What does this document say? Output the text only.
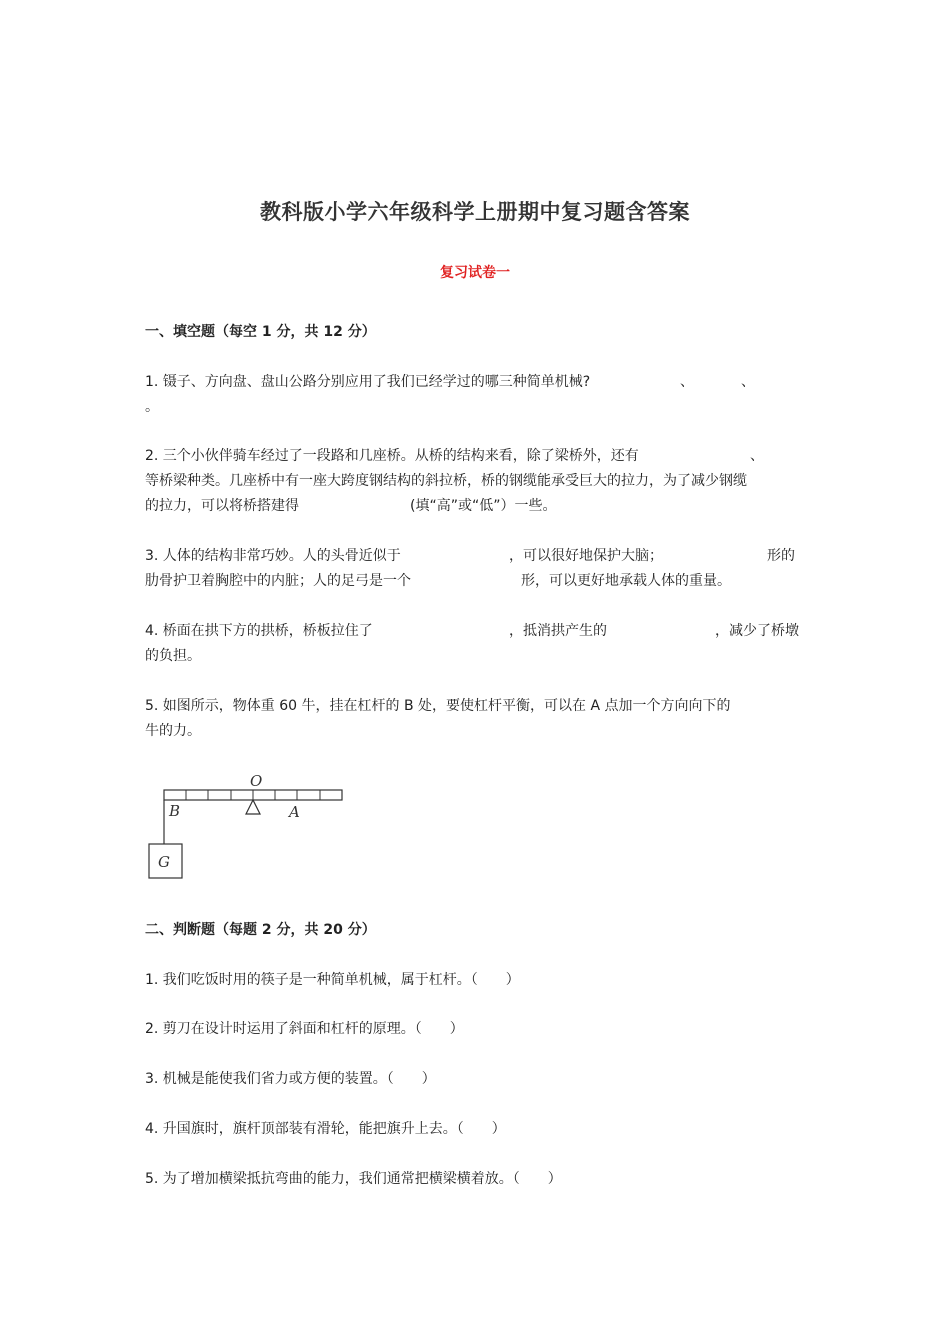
教科版小学六年级科学上册期中复习题含答案
复习试卷一
一、填空题（每空 1 分，共 12 分）
1. 镊子、方向盘、盘山公路分别应用了我们已经学过的哪三种简单机械?	、	、
。
2. 三个小伙伴骑车经过了一段路和几座桥。从桥的结构来看，除了梁桥外，还有	、
等桥梁种类。几座桥中有一座大跨度钢结构的斜拉桥，桥的钢缆能承受巨大的拉力，为了减少钢缆
的拉力，可以将桥搭建得	(填“高”或“低”）一些。
3. 人体的结构非常巧妙。人的头骨近似于	，可以很好地保护大脑；	形的
肋骨护卫着胸腔中的内脏；人的足弓是一个	形，可以更好地承载人体的重量。
4. 桥面在拱下方的拱桥，桥板拉住了	，抵消拱产生的	，减少了桥墩
的负担。
5. 如图所示，物体重 60 牛，挂在杠杆的 B 处，要使杠杆平衡，可以在 A 点加一个方向向下的
牛的力。
O
B	A
G
二、判断题（每题 2 分，共 20 分）
1. 我们吃饭时用的筷子是一种简单机械，属于杠杆。（　　）
2. 剪刀在设计时运用了斜面和杠杆的原理。（　　）
3. 机械是能使我们省力或方便的装置。（　　）
4. 升国旗时，旗杆顶部装有滑轮，能把旗升上去。（　　）
5. 为了增加横梁抵抗弯曲的能力，我们通常把横梁横着放。（　　）
